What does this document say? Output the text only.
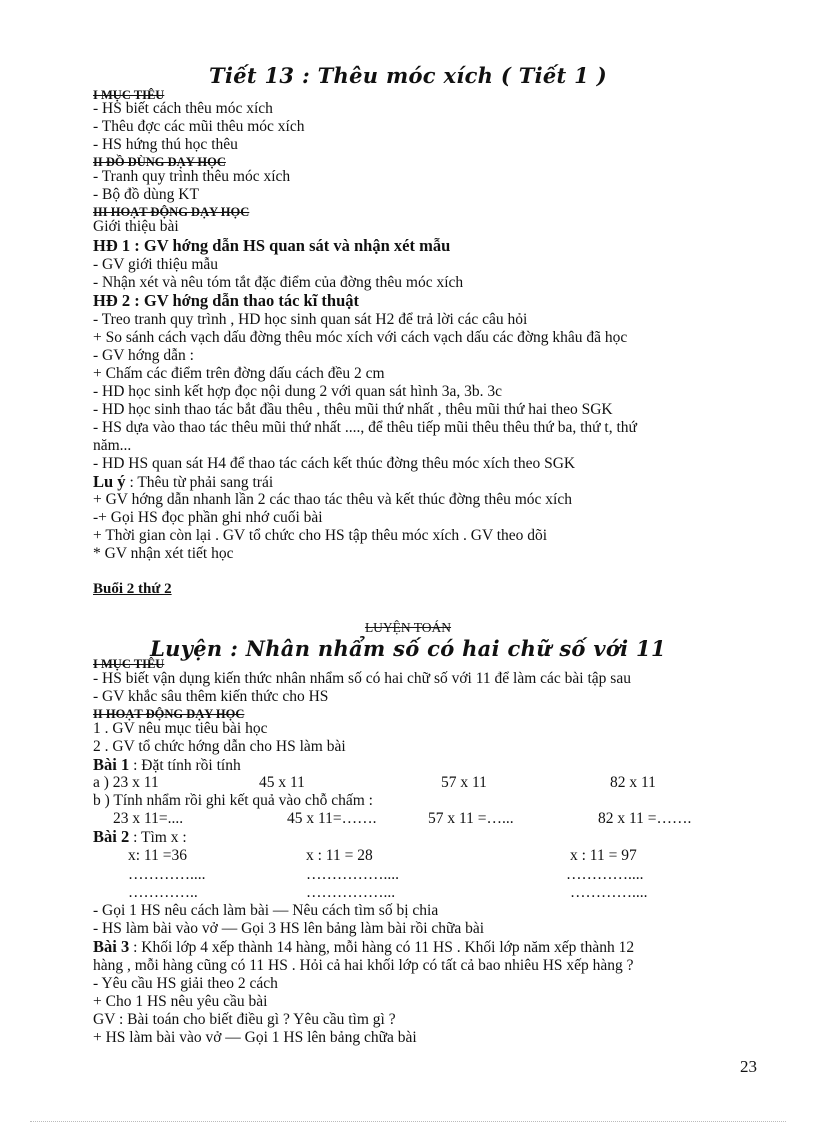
Tiết 13 : Thêu móc xích ( Tiết 1 )
I MỤC TIÊU
- HS biết cách thêu móc xích
- Thêu đợc các mũi thêu móc xích
- HS hứng thú học thêu
II ĐỒ DÙNG DẠY HỌC
- Tranh quy trình thêu móc xích
- Bộ đồ dùng KT
III HOẠT ĐỘNG DẠY HỌC
Giới thiệu bài
HĐ 1 : GV hớng dẫn HS quan sát và nhận xét mẫu
- GV giới thiệu mẫu
- Nhận xét và nêu tóm tắt đặc điểm của đờng thêu móc xích
HĐ 2 : GV hớng dẫn thao tác kĩ thuật
- Treo tranh quy trình , HD học sinh quan sát H2 để trả lời các câu hỏi
+ So sánh cách vạch dấu đờng thêu móc xích với cách vạch dấu các đờng khâu đã học
- GV hớng dẫn :
+ Chấm các điểm trên đờng dấu cách đều 2 cm
- HD học sinh kết hợp đọc nội dung 2 với quan sát hình 3a, 3b. 3c
- HD học sinh thao tác bắt đầu thêu , thêu mũi thứ nhất , thêu mũi thứ hai theo SGK
- HS dựa vào thao tác thêu mũi thứ nhất ...., để thêu tiếp mũi thêu thêu thứ ba, thứ t, thứ
năm...
- HD HS quan sát H4 để thao tác cách kết thúc đờng thêu móc xích theo SGK
Lu ý : Thêu từ phải sang trái
+ GV hớng dẫn nhanh lần 2 các thao tác thêu và kết thúc đờng thêu móc xích
-+ Gọi HS đọc phần ghi nhớ cuối bài
+ Thời gian còn lại . GV tổ chức cho HS tập thêu móc xích . GV theo dõi
* GV nhận xét tiết học
Buổi 2 thứ 2
LUYỆN TOÁN
Luyện : Nhân nhẩm số có hai chữ số với 11
I MỤC TIÊU
- HS biết vận dụng kiến thức nhân nhẩm số có hai chữ số với 11 để làm các bài tập sau
- GV khắc sâu thêm kiến thức cho HS
II HOẠT ĐỘNG DẠY HỌC
1 . GV nêu mục tiêu bài học
2 . GV tổ chức hớng dẫn cho HS làm bài
Bài 1 : Đặt tính rồi tính
a ) 23 x 11	45 x 11	57 x 11	82 x 11
b ) Tính nhẩm rồi ghi kết quả vào chỗ chấm :
23 x 11=....	45 x 11=…….	57 x 11 =…...	82 x 11 =…….
Bài 2 : Tìm x :
x: 11 =36	x : 11 = 28	x : 11 = 97
…………....	……………....	…………....
…………..	……………...	…………....
- Gọi 1 HS nêu cách làm bài — Nêu cách tìm số bị chia
- HS làm bài vào vở — Gọi 3 HS lên bảng làm bài rồi chữa bài
Bài 3 : Khối lớp 4 xếp thành 14 hàng, mỗi hàng có 11 HS . Khối lớp năm xếp thành 12
hàng , mỗi hàng cũng có 11 HS . Hỏi cả hai khối lớp có tất cả bao nhiêu HS xếp hàng ?
- Yêu cầu HS giải theo 2 cách
+ Cho 1 HS nêu yêu cầu bài
GV : Bài toán cho biết điều gì ? Yêu cầu tìm gì ?
+ HS làm bài vào vở — Gọi 1 HS lên bảng chữa bài
23
